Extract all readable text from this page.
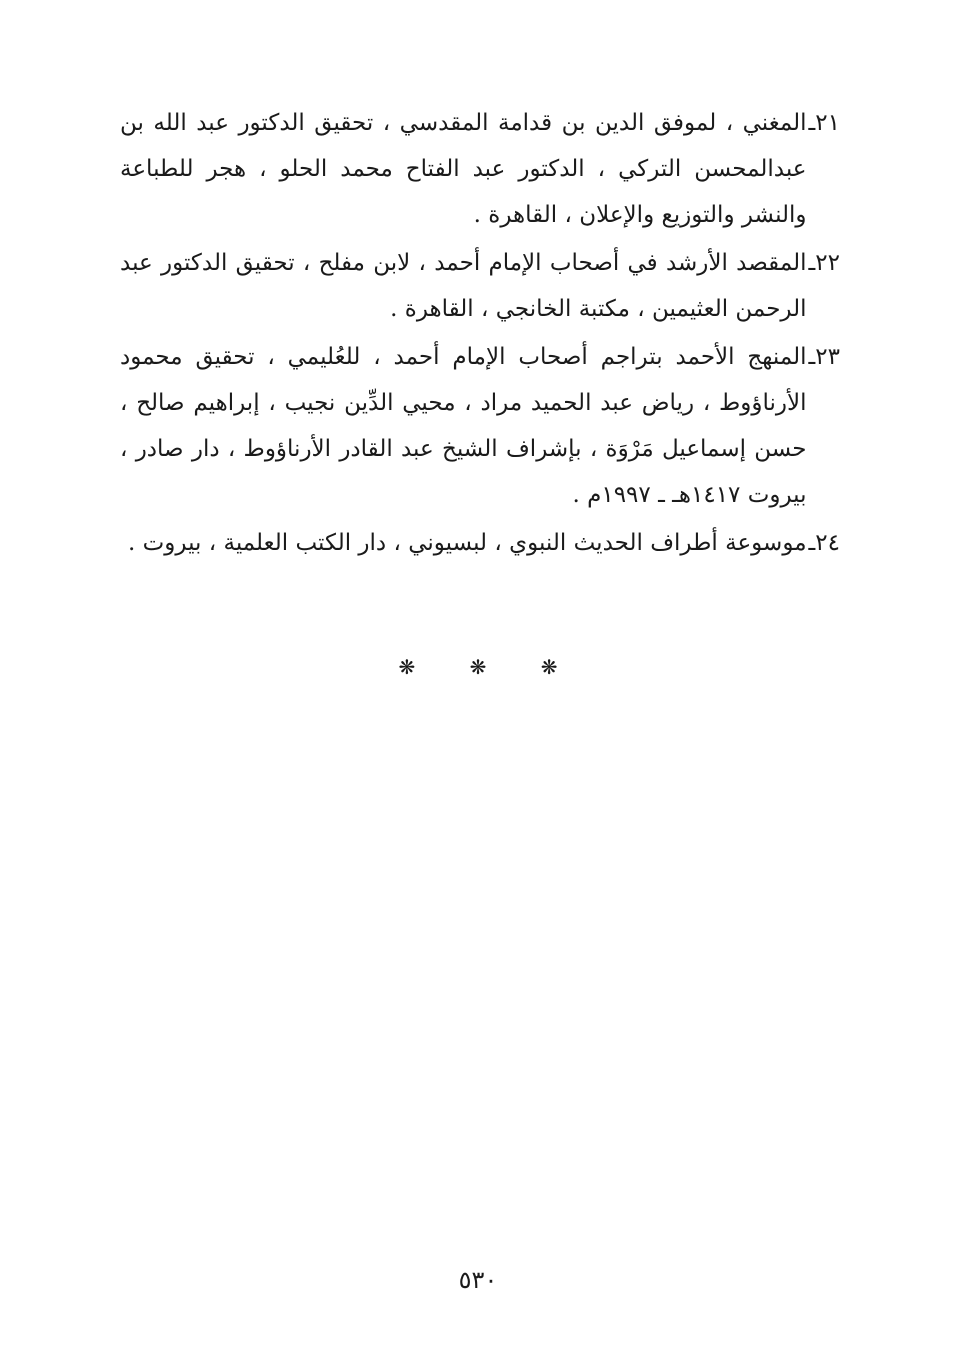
٢١ـ
المغني ، لموفق الدين بن قدامة المقدسي ، تحقيق الدكتور عبد الله بن عبدالمحسن التركي ، الدكتور عبد الفتاح محمد الحلو ، هجر للطباعة والنشر والتوزيع والإعلان ، القاهرة .
٢٢ـ
المقصد الأرشد في أصحاب الإمام أحمد ، لابن مفلح ، تحقيق الدكتور عبد الرحمن العثيمين ، مكتبة الخانجي ، القاهرة .
٢٣ـ
المنهج الأحمد بتراجم أصحاب الإمام أحمد ، للعُليمي ، تحقيق محمود الأرناؤوط ، رياض عبد الحميد مراد ، محيي الدِّين نجيب ، إبراهيم صالح ، حسن إسماعيل مَرْوَة ، بإشراف الشيخ عبد القادر الأرناؤوط ، دار صادر ، بيروت ١٤١٧هـ ـ ١٩٩٧م .
٢٤ـ
موسوعة أطراف الحديث النبوي ، لبسيوني ، دار الكتب العلمية ، بيروت .
❋	❋	❋
٥٣٠
